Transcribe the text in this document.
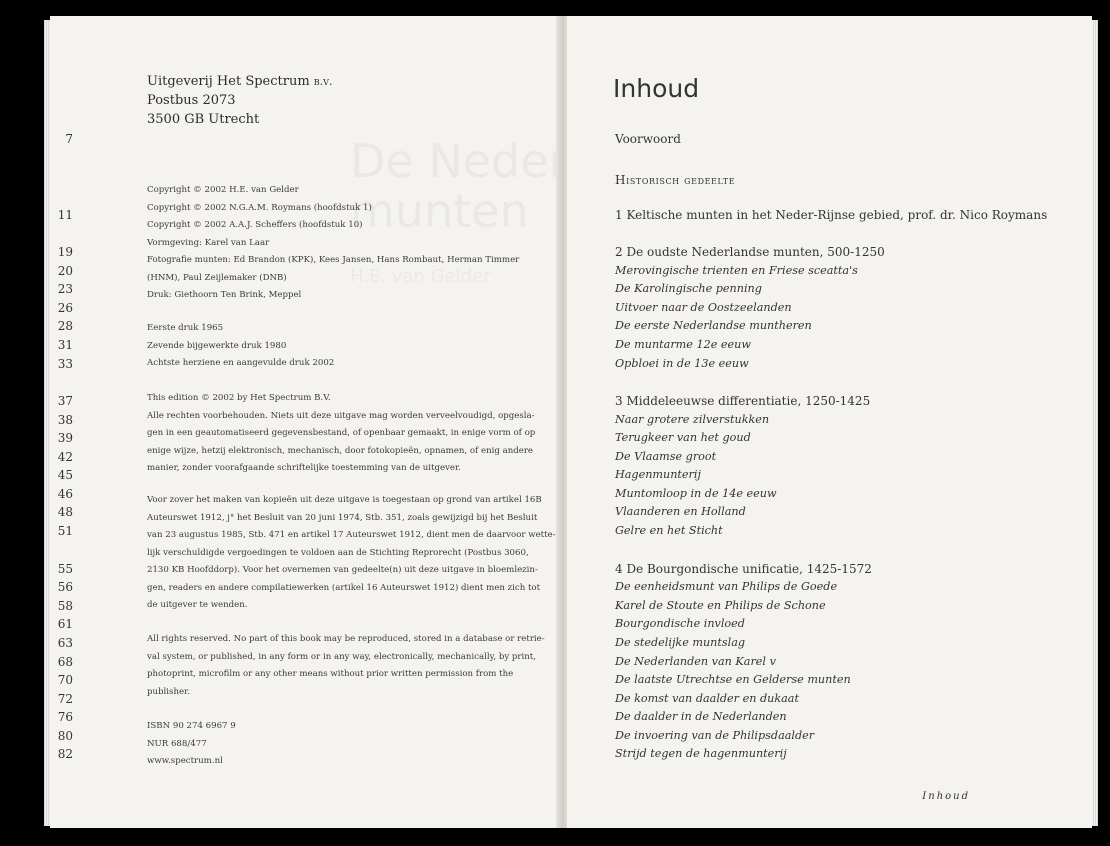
Uitgeverij Het Spectrum b.v.
Postbus 2073
3500 GB Utrecht
Copyright © 2002 H.E. van Gelder
Copyright © 2002 N.G.A.M. Roymans (hoofdstuk 1)
Copyright © 2002 A.A.J. Scheffers (hoofdstuk 10)
Vormgeving: Karel van Laar
Fotografie munten: Ed Brandon (KPK), Kees Jansen, Hans Rombaut, Herman Timmer
(HNM), Paul Zeijlemaker (DNB)
Druk: Giethoorn Ten Brink, Meppel
Eerste druk 1965
Zevende bijgewerkte druk 1980
Achtste herziene en aangevulde druk 2002
This edition © 2002 by Het Spectrum B.V.
Alle rechten voorbehouden. Niets uit deze uitgave mag worden verveelvoudigd, opgesla-
gen in een geautomatiseerd gegevensbestand, of openbaar gemaakt, in enige vorm of op
enige wijze, hetzij elektronisch, mechanisch, door fotokopieën, opnamen, of enig andere
manier, zonder voorafgaande schriftelijke toestemming van de uitgever.
Voor zover het maken van kopieën uit deze uitgave is toegestaan op grond van artikel 16B
Auteurswet 1912, j° het Besluit van 20 juni 1974, Stb. 351, zoals gewijzigd bij het Besluit
van 23 augustus 1985, Stb. 471 en artikel 17 Auteurswet 1912, dient men de daarvoor wette-
lijk verschuldigde vergoedingen te voldoen aan de Stichting Reprorecht (Postbus 3060,
2130 KB Hoofddorp). Voor het overnemen van gedeelte(n) uit deze uitgave in bloemlezin-
gen, readers en andere compilatiewerken (artikel 16 Auteurswet 1912) dient men zich tot
de uitgever te wenden.
All rights reserved. No part of this book may be reproduced, stored in a database or retrie-
val system, or published, in any form or in any way, electronically, mechanically, by print,
photoprint, microfilm or any other means without prior written permission from the
publisher.
ISBN 90 274 6967 9
NUR 688/477
www.spectrum.nl
Inhoud
Historisch gedeelte
7	Voorwoord
11	1 Keltische munten in het Neder-Rijnse gebied, prof. dr. Nico Roymans
19	2 De oudste Nederlandse munten, 500-1250
20	Merovingische trienten en Friese sceatta's
23	De Karolingische penning
26	Uitvoer naar de Oostzeelanden
28	De eerste Nederlandse muntheren
31	De muntarme 12e eeuw
33	Opbloei in de 13e eeuw
37	3 Middeleeuwse differentiatie, 1250-1425
38	Naar grotere zilverstukken
39	Terugkeer van het goud
42	De Vlaamse groot
45	Hagenmunterij
46	Muntomloop in de 14e eeuw
48	Vlaanderen en Holland
51	Gelre en het Sticht
55	4 De Bourgondische unificatie, 1425-1572
56	De eenheidsmunt van Philips de Goede
58	Karel de Stoute en Philips de Schone
61	Bourgondische invloed
63	De stedelijke muntslag
68	De Nederlanden van Karel v
70	De laatste Utrechtse en Gelderse munten
72	De komst van daalder en dukaat
76	De daalder in de Nederlanden
80	De invoering van de Philipsdaalder
82	Strijd tegen de hagenmunterij
Inhoud
